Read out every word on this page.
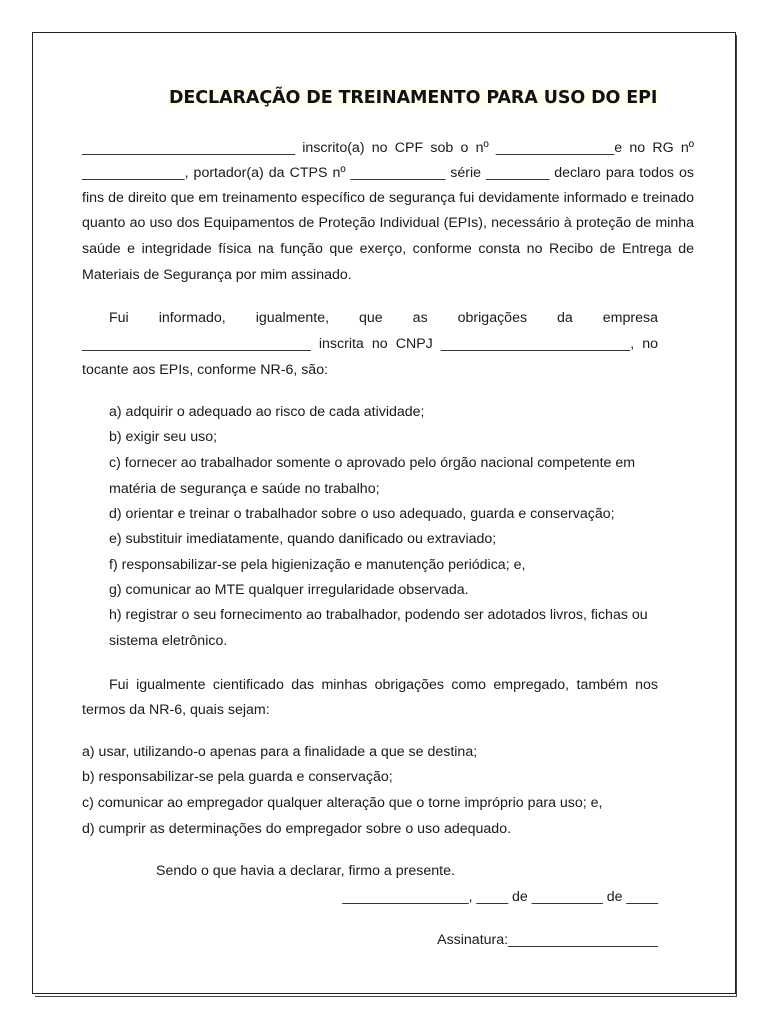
DECLARAÇÃO DE TREINAMENTO PARA USO DO EPI
___________________________ inscrito(a) no CPF sob o nº _______________e no RG nº
_____________, portador(a) da CTPS nº ____________ série ________ declaro para todos os
fins de direito que em treinamento específico de segurança fui devidamente informado e treinado
quanto ao uso dos Equipamentos de Proteção Individual (EPIs), necessário à proteção de minha
saúde e integridade física na função que exerço, conforme consta no Recibo de Entrega de
Materiais de Segurança por mim assinado.
Fui informado, igualmente, que as obrigações da empresa
_____________________________ inscrita no CNPJ ________________________, no
tocante aos EPIs, conforme NR-6, são:
a) adquirir o adequado ao risco de cada atividade;
b) exigir seu uso;
c) fornecer ao trabalhador somente o aprovado pelo órgão nacional competente em
matéria de segurança e saúde no trabalho;
d) orientar e treinar o trabalhador sobre o uso adequado, guarda e conservação;
e) substituir imediatamente, quando danificado ou extraviado;
f) responsabilizar-se pela higienização e manutenção periódica; e,
g) comunicar ao MTE qualquer irregularidade observada.
h) registrar o seu fornecimento ao trabalhador, podendo ser adotados livros, fichas ou
sistema eletrônico.
Fui igualmente cientificado das minhas obrigações como empregado, também nos
termos da NR-6, quais sejam:
a) usar, utilizando-o apenas para a finalidade a que se destina;
b) responsabilizar-se pela guarda e conservação;
c) comunicar ao empregador qualquer alteração que o torne impróprio para uso; e,
d) cumprir as determinações do empregador sobre o uso adequado.
Sendo o que havia a declarar, firmo a presente.
________________, ____ de _________ de ____
Assinatura:___________________
